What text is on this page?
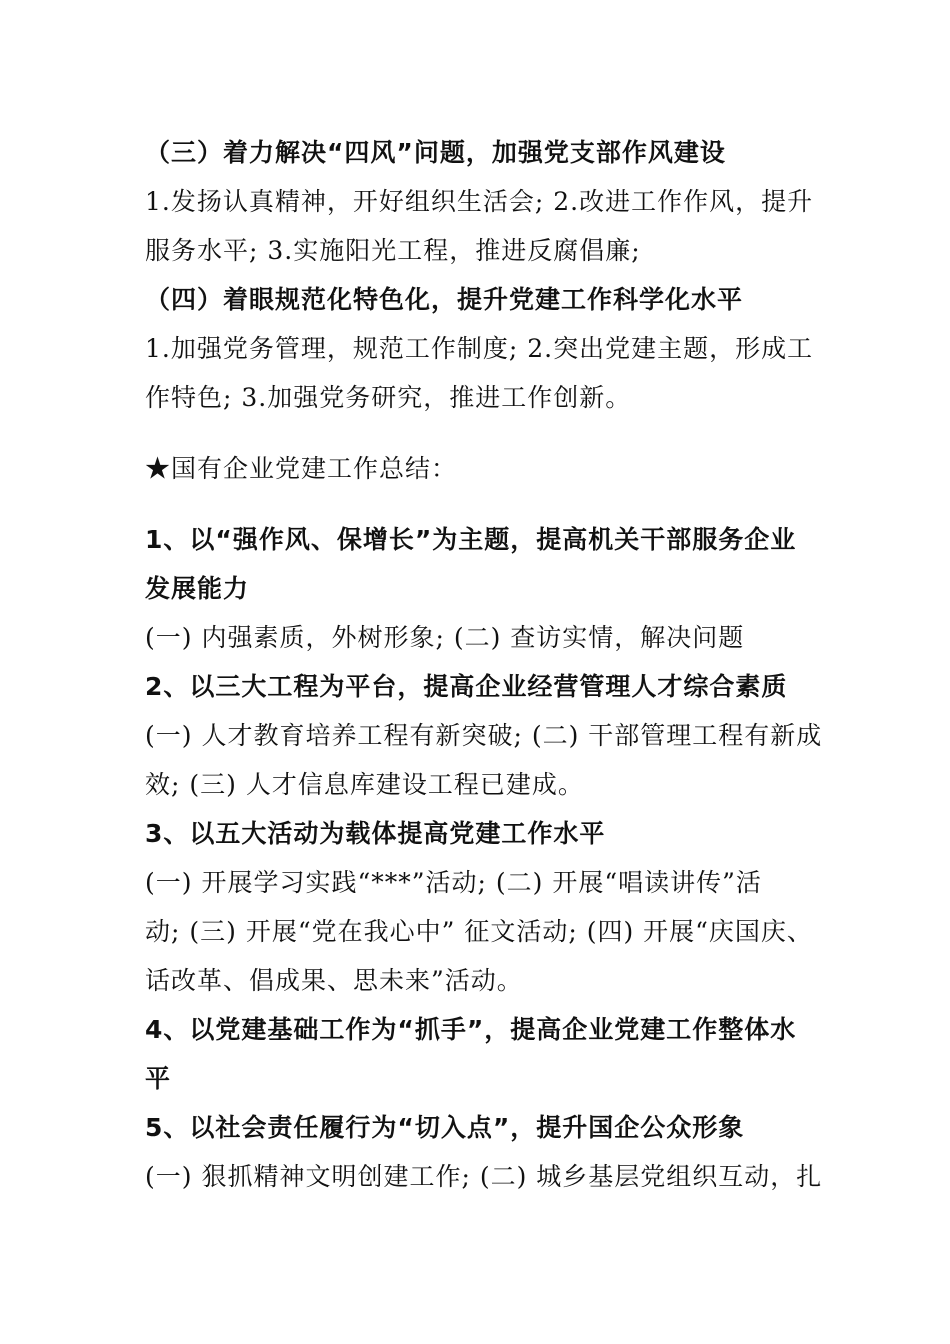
（三）着力解决“四风”问题，加强党支部作风建设
1.发扬认真精神，开好组织生活会; 2.改进工作作风，提升
服务水平; 3.实施阳光工程，推进反腐倡廉;
（四）着眼规范化特色化，提升党建工作科学化水平
1.加强党务管理，规范工作制度; 2.突出党建主题，形成工
作特色; 3.加强党务研究，推进工作创新。
★国有企业党建工作总结：
1、以“强作风、保增长”为主题，提高机关干部服务企业
发展能力
(一) 内强素质，外树形象; (二) 查访实情，解决问题
2、以三大工程为平台，提高企业经营管理人才综合素质
(一) 人才教育培养工程有新突破; (二) 干部管理工程有新成
效; (三) 人才信息库建设工程已建成。
3、以五大活动为载体提高党建工作水平
(一) 开展学习实践“***”活动; (二) 开展“唱读讲传”活
动; (三) 开展“党在我心中” 征文活动; (四) 开展“庆国庆、
话改革、倡成果、思未来”活动。
4、以党建基础工作为“抓手”，提高企业党建工作整体水
平
5、以社会责任履行为“切入点”，提升国企公众形象
(一) 狠抓精神文明创建工作; (二) 城乡基层党组织互动，扎
